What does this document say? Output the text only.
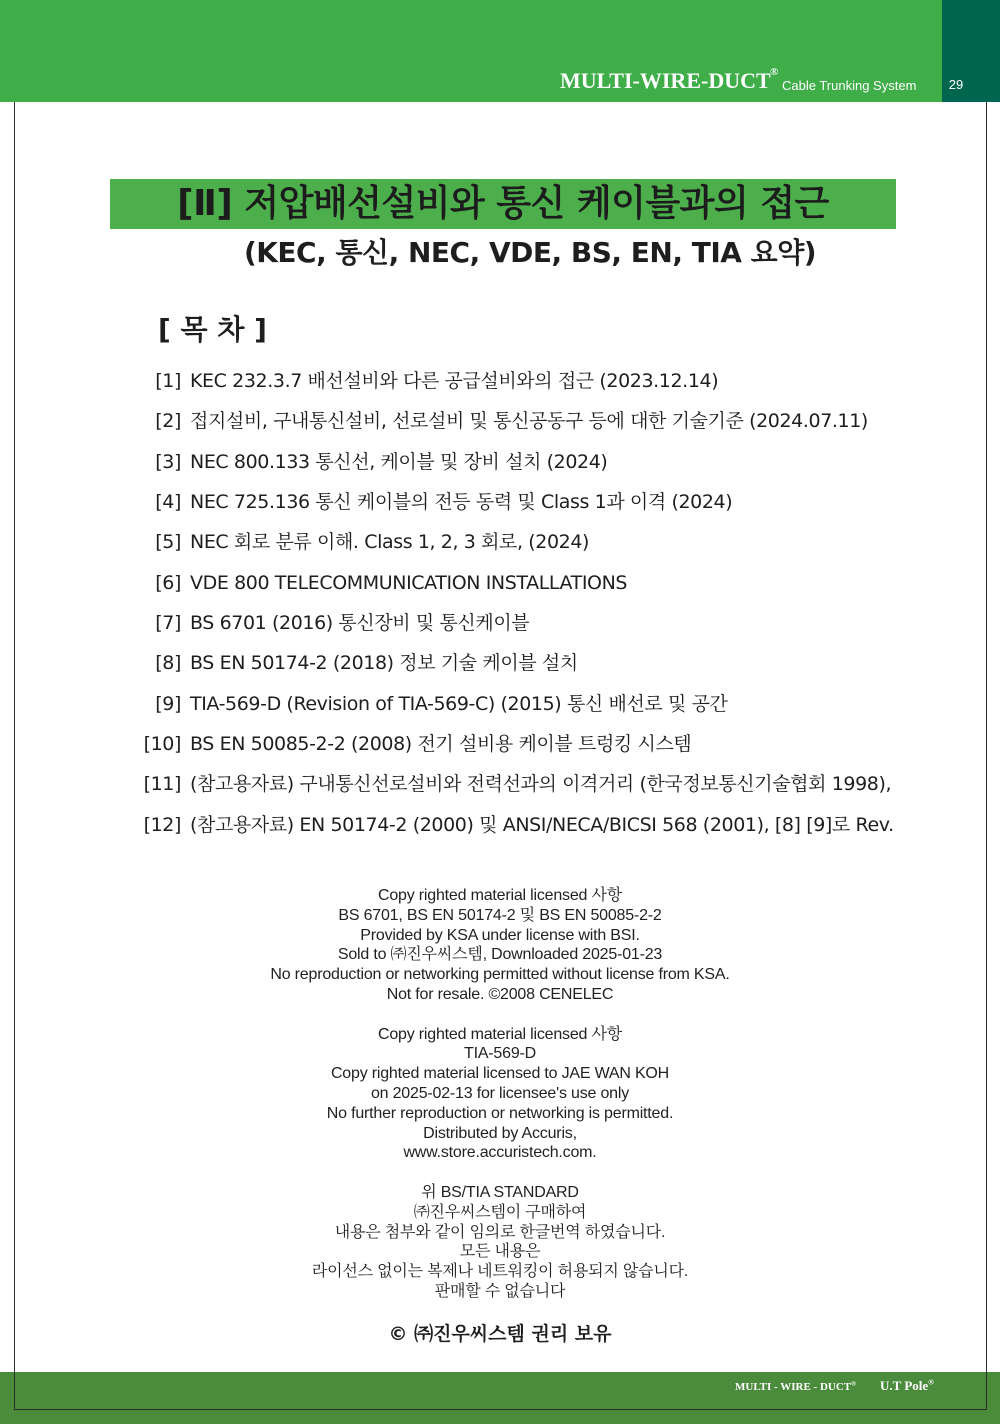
MULTI-WIRE-DUCT ®
Cable Trunking System	29
[Ⅱ] 저압배선설비와 통신 케이블과의 접근
(KEC, 통신, NEC, VDE, BS, EN, TIA 요약)
[ 목 차 ]
[1] KEC 232.3.7 배선설비와 다른 공급설비와의 접근 (2023.12.14)
[2] 접지설비, 구내통신설비, 선로설비 및 통신공동구 등에 대한 기술기준 (2024.07.11)
[3] NEC 800.133 통신선, 케이블 및 장비 설치 (2024)
[4] NEC 725.136 통신 케이블의 전등 동력 및 Class 1과 이격 (2024)
[5] NEC 회로 분류 이해. Class 1, 2, 3 회로, (2024)
[6] VDE 800 TELECOMMUNICATION INSTALLATIONS
[7] BS 6701 (2016) 통신장비 및 통신케이블
[8] BS EN 50174-2 (2018) 정보 기술 케이블 설치
[9] TIA-569-D (Revision of TIA-569-C) (2015) 통신 배선로 및 공간
[10] BS EN 50085-2-2 (2008) 전기 설비용 케이블 트렁킹 시스템
[11] (참고용자료) 구내통신선로설비와 전력선과의 이격거리 (한국정보통신기술협회 1998),
[12] (참고용자료) EN 50174-2 (2000) 및 ANSI/NECA/BICSI 568 (2001), [8] [9]로 Rev.
Copy righted material licensed 사항
BS 6701, BS EN 50174-2 및 BS EN 50085-2-2
Provided by KSA under license with BSI.
Sold to ㈜진우씨스템, Downloaded 2025-01-23
No reproduction or networking permitted without license from KSA.
Not for resale. ©2008 CENELEC
Copy righted material licensed 사항
TIA-569-D
Copy righted material licensed to JAE WAN KOH
on 2025-02-13 for licensee's use only
No further reproduction or networking is permitted.
Distributed by Accuris,
www.store.accuristech.com.
위 BS/TIA STANDARD
㈜진우씨스템이 구매하여
내용은 첨부와 같이 임의로 한글번역 하였습니다.
모든 내용은
라이선스 없이는 복제나 네트워킹이 허용되지 않습니다.
판매할 수 없습니다
© ㈜진우씨스템 권리 보유
MULTI - WIRE - DUCT® U.T Pole®
